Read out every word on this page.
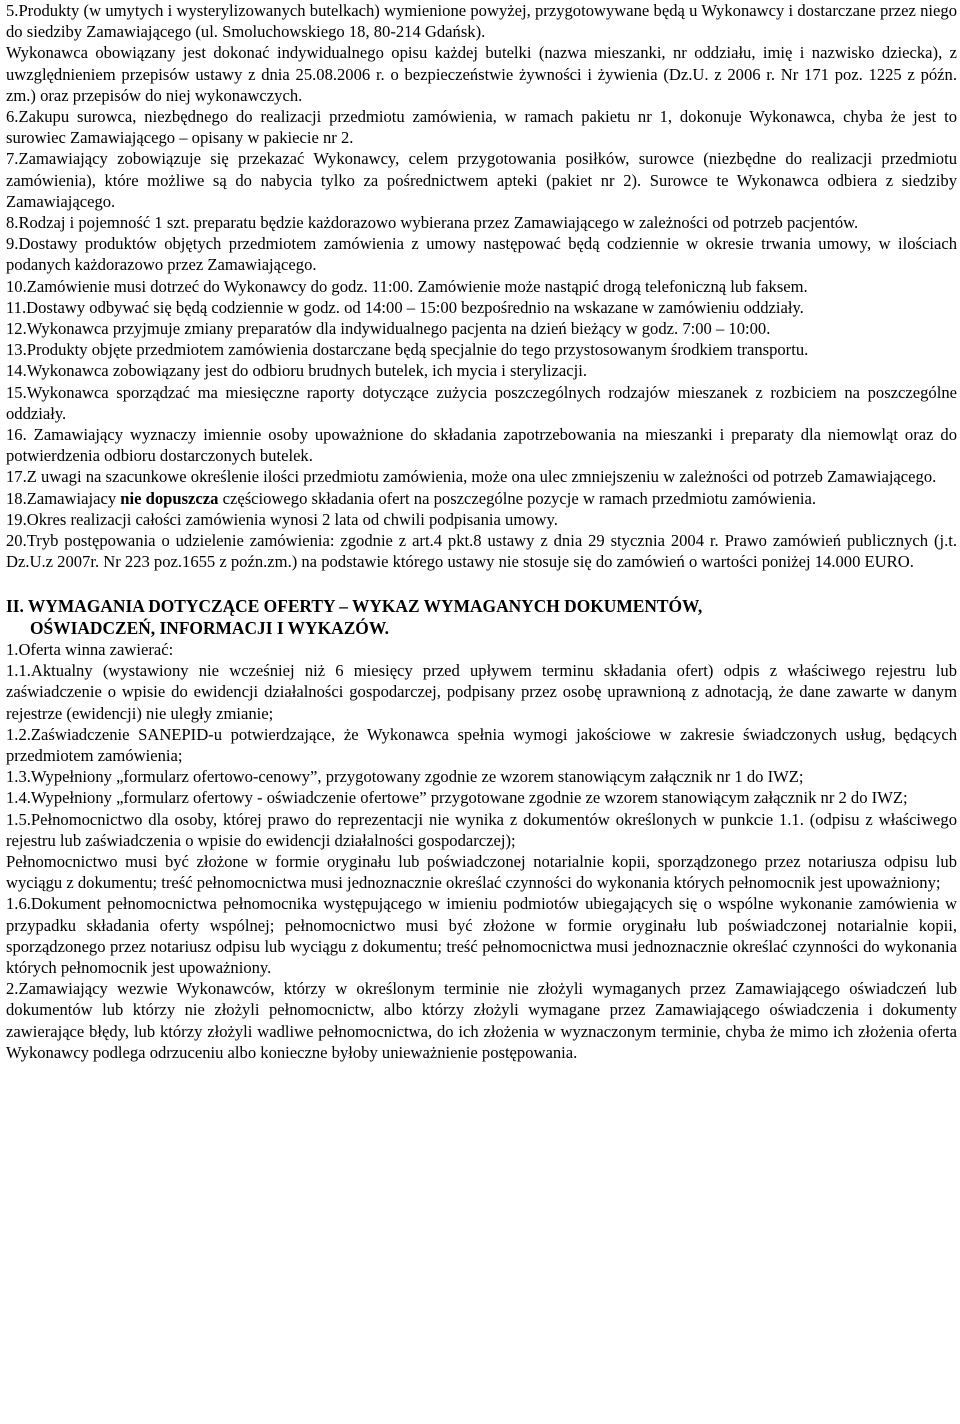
5.Produkty (w umytych i wysterylizowanych butelkach) wymienione powyżej, przygotowywane będą u Wykonawcy i dostarczane przez niego do siedziby Zamawiającego (ul. Smoluchowskiego 18, 80-214 Gdańsk).

Wykonawca obowiązany jest dokonać indywidualnego opisu każdej butelki (nazwa mieszanki, nr oddziału, imię i nazwisko dziecka), z uwzględnieniem przepisów ustawy z dnia 25.08.2006 r. o bezpieczeństwie żywności i żywienia (Dz.U. z 2006 r. Nr 171 poz. 1225 z późn. zm.) oraz przepisów do niej wykonawczych.

6.Zakupu surowca, niezbędnego do realizacji przedmiotu zamówienia, w ramach pakietu nr 1, dokonuje Wykonawca, chyba że jest to surowiec Zamawiającego – opisany w pakiecie nr 2.

7.Zamawiający zobowiązuje się przekazać Wykonawcy, celem przygotowania posiłków, surowce (niezbędne do realizacji przedmiotu zamówienia), które możliwe są do nabycia tylko za pośrednictwem apteki (pakiet nr 2). Surowce te Wykonawca odbiera z siedziby Zamawiającego.

8.Rodzaj i pojemność 1 szt. preparatu będzie każdorazowo wybierana przez Zamawiającego w zależności od potrzeb pacjentów.

9.Dostawy produktów objętych przedmiotem zamówienia z umowy następować będą codziennie w okresie trwania umowy, w ilościach podanych każdorazowo przez Zamawiającego.

10.Zamówienie musi dotrzeć do Wykonawcy do godz. 11:00. Zamówienie może nastąpić drogą telefoniczną lub faksem.

11.Dostawy odbywać się będą codziennie w godz. od 14:00 – 15:00 bezpośrednio na wskazane w zamówieniu oddziały.

12.Wykonawca przyjmuje zmiany preparatów dla indywidualnego pacjenta na dzień bieżący w godz. 7:00 – 10:00.

13.Produkty objęte przedmiotem zamówienia dostarczane będą specjalnie do tego przystosowanym środkiem transportu.

14.Wykonawca zobowiązany jest do odbioru brudnych butelek, ich mycia i sterylizacji.

15.Wykonawca sporządzać ma miesięczne raporty dotyczące zużycia poszczególnych rodzajów mieszanek z rozbiciem na poszczególne oddziały.

16. Zamawiający wyznaczy imiennie osoby upoważnione do składania zapotrzebowania na mieszanki i preparaty dla niemowląt oraz do potwierdzenia odbioru dostarczonych butelek.

17.Z uwagi na szacunkowe określenie ilości przedmiotu zamówienia, może ona ulec zmniejszeniu w zależności od potrzeb Zamawiającego.

18.Zamawiajacy nie dopuszcza częściowego składania ofert na poszczególne pozycje w ramach przedmiotu zamówienia.

19.Okres realizacji całości zamówienia wynosi 2 lata od chwili podpisania umowy.

20.Tryb postępowania o udzielenie zamówienia: zgodnie z art.4 pkt.8 ustawy z dnia 29 stycznia 2004 r. Prawo zamówień publicznych (j.t. Dz.U.z 2007r. Nr 223 poz.1655 z poźn.zm.) na podstawie którego ustawy nie stosuje się do zamówień o wartości poniżej 14.000 EURO.

II. WYMAGANIA DOTYCZĄCE OFERTY – WYKAZ WYMAGANYCH DOKUMENTÓW,
OŚWIADCZEŃ, INFORMACJI I WYKAZÓW.

1.Oferta winna zawierać:

1.1.Aktualny (wystawiony nie wcześniej niż 6 miesięcy przed upływem terminu składania ofert) odpis z właściwego rejestru lub zaświadczenie o wpisie do ewidencji działalności gospodarczej, podpisany przez osobę uprawnioną z adnotacją, że dane zawarte w danym rejestrze (ewidencji) nie uległy zmianie;

1.2.Zaświadczenie SANEPID-u potwierdzające, że Wykonawca spełnia wymogi jakościowe w zakresie świadczonych usług, będących przedmiotem zamówienia;

1.3.Wypełniony „formularz ofertowo-cenowy”, przygotowany zgodnie ze wzorem stanowiącym załącznik nr 1 do IWZ;

1.4.Wypełniony „formularz ofertowy - oświadczenie ofertowe” przygotowane zgodnie ze wzorem stanowiącym załącznik nr 2 do IWZ;

1.5.Pełnomocnictwo dla osoby, której prawo do reprezentacji nie wynika z dokumentów określonych w punkcie 1.1. (odpisu z właściwego rejestru lub zaświadczenia o wpisie do ewidencji działalności gospodarczej);

Pełnomocnictwo musi być złożone w formie oryginału lub poświadczonej notarialnie kopii, sporządzonego przez notariusza odpisu lub wyciągu z dokumentu; treść pełnomocnictwa musi jednoznacznie określać czynności do wykonania których pełnomocnik jest upoważniony;

1.6.Dokument pełnomocnictwa pełnomocnika występującego w imieniu podmiotów ubiegających się o wspólne wykonanie zamówienia w przypadku składania oferty wspólnej; pełnomocnictwo musi być złożone w formie oryginału lub poświadczonej notarialnie kopii, sporządzonego przez notariusz odpisu lub wyciągu z dokumentu; treść pełnomocnictwa musi jednoznacznie określać czynności do wykonania których pełnomocnik jest upoważniony.

2.Zamawiający wezwie Wykonawców, którzy w określonym terminie nie złożyli wymaganych przez Zamawiającego oświadczeń lub dokumentów lub którzy nie złożyli pełnomocnictw, albo którzy złożyli wymagane przez Zamawiającego oświadczenia i dokumenty zawierające błędy, lub którzy złożyli wadliwe pełnomocnictwa, do ich złożenia w wyznaczonym terminie, chyba że mimo ich złożenia oferta Wykonawcy podlega odrzuceniu albo konieczne byłoby unieważnienie postępowania.
